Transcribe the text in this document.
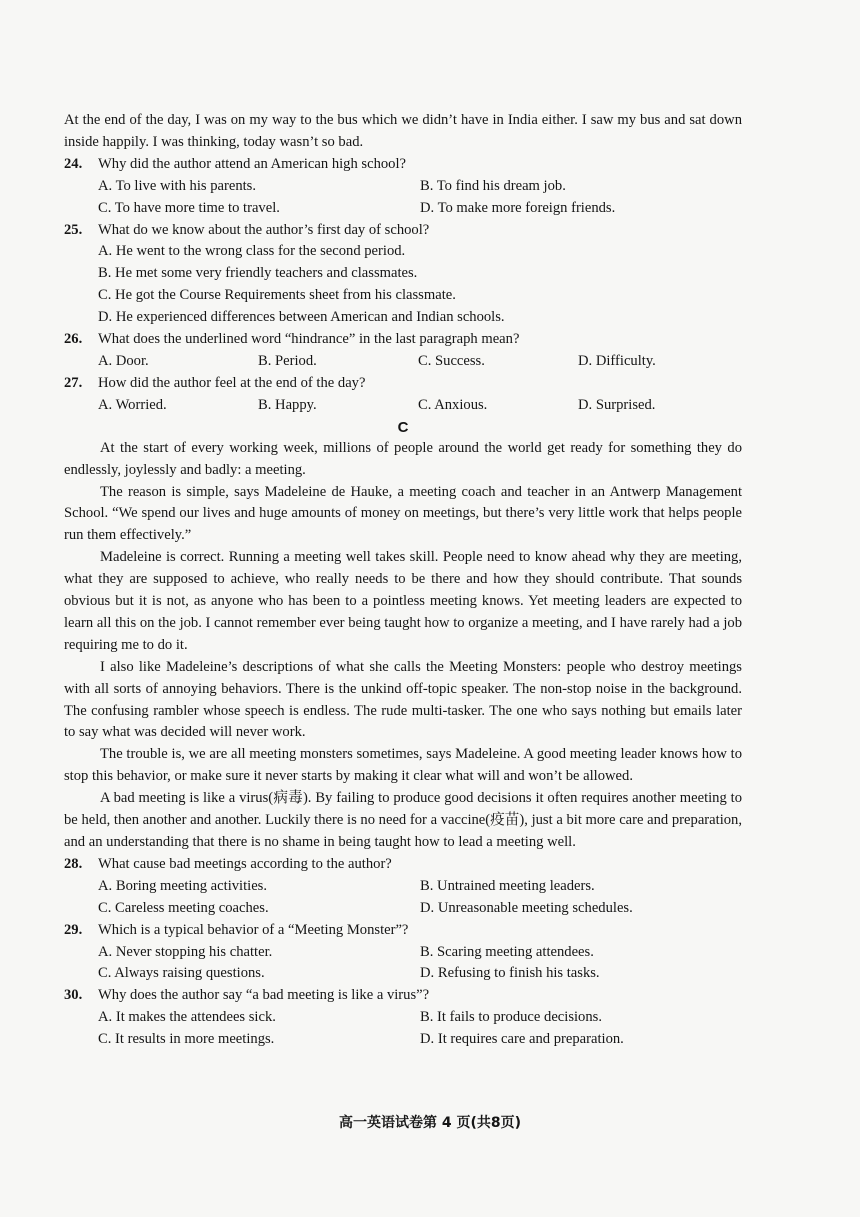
At the end of the day, I was on my way to the bus which we didn’t have in India either. I saw my bus and sat down inside happily. I was thinking, today wasn’t so bad.

24.	Why did the author attend an American high school?
A. To live with his parents.	B. To find his dream job.
C. To have more time to travel.	D. To make more foreign friends.
25.	What do we know about the author’s first day of school?
A. He went to the wrong class for the second period.
B. He met some very friendly teachers and classmates.
C. He got the Course Requirements sheet from his classmate.
D. He experienced differences between American and Indian schools.
26.	What does the underlined word “hindrance” in the last paragraph mean?
A. Door.	B. Period.	C. Success.	D. Difficulty.
27.	How did the author feel at the end of the day?
A. Worried.	B. Happy.	C. Anxious.	D. Surprised.

C

At the start of every working week, millions of people around the world get ready for something they do endlessly, joylessly and badly: a meeting.

The reason is simple, says Madeleine de Hauke, a meeting coach and teacher in an Antwerp Management School. “We spend our lives and huge amounts of money on meetings, but there’s very little work that helps people run them effectively.”

Madeleine is correct. Running a meeting well takes skill. People need to know ahead why they are meeting, what they are supposed to achieve, who really needs to be there and how they should contribute. That sounds obvious but it is not, as anyone who has been to a pointless meeting knows. Yet meeting leaders are expected to learn all this on the job. I cannot remember ever being taught how to organize a meeting, and I have rarely had a job requiring me to do it.

I also like Madeleine’s descriptions of what she calls the Meeting Monsters: people who destroy meetings with all sorts of annoying behaviors. There is the unkind off-topic speaker. The non-stop noise in the background. The confusing rambler whose speech is endless. The rude multi-tasker. The one who says nothing but emails later to say what was decided will never work.

The trouble is, we are all meeting monsters sometimes, says Madeleine. A good meeting leader knows how to stop this behavior, or make sure it never starts by making it clear what will and won’t be allowed.

A bad meeting is like a virus(病毒). By failing to produce good decisions it often requires another meeting to be held, then another and another. Luckily there is no need for a vaccine(疫苗), just a bit more care and preparation, and an understanding that there is no shame in being taught how to lead a meeting well.

28.	What cause bad meetings according to the author?
A. Boring meeting activities.	B. Untrained meeting leaders.
C. Careless meeting coaches.	D. Unreasonable meeting schedules.
29.	Which is a typical behavior of a “Meeting Monster”?
A. Never stopping his chatter.	B. Scaring meeting attendees.
C. Always raising questions.	D. Refusing to finish his tasks.
30.	Why does the author say “a bad meeting is like a virus”?
A. It makes the attendees sick.	B. It fails to produce decisions.
C. It results in more meetings.	D. It requires care and preparation.
高一英语试卷第 4 页(共8页)
